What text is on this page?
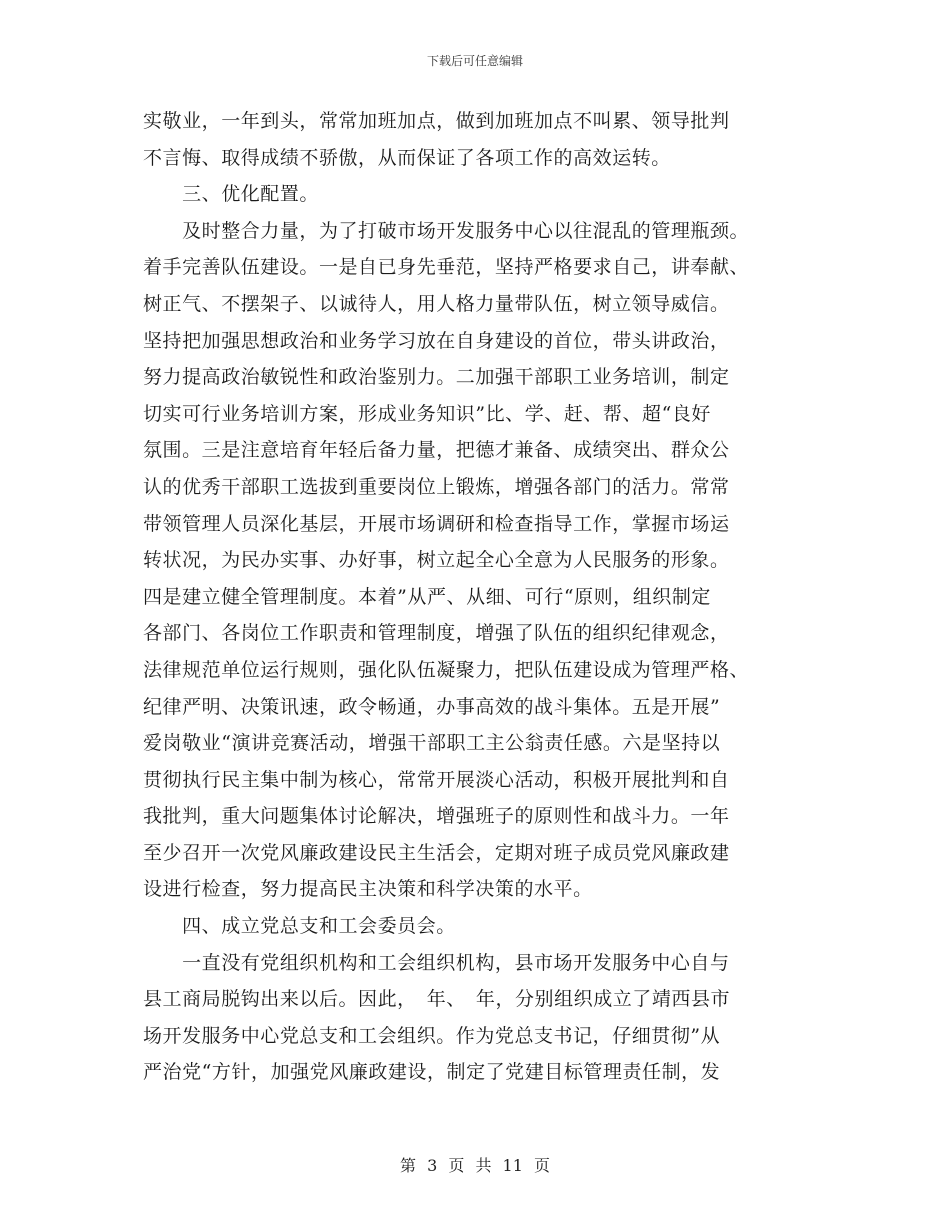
下载后可任意编辑
实敬业，一年到头，常常加班加点，做到加班加点不叫累、领导批判
不言悔、取得成绩不骄傲，从而保证了各项工作的高效运转。
　　三、优化配置。
　　及时整合力量，为了打破市场开发服务中心以往混乱的管理瓶颈。
着手完善队伍建设。一是自已身先垂范，坚持严格要求自己，讲奉献、
树正气、不摆架子、以诚待人，用人格力量带队伍，树立领导威信。
坚持把加强思想政治和业务学习放在自身建设的首位，带头讲政治，
努力提高政治敏锐性和政治鉴别力。二加强干部职工业务培训，制定
切实可行业务培训方案，形成业务知识”比、学、赶、帮、超“良好
氛围。三是注意培育年轻后备力量，把德才兼备、成绩突出、群众公
认的优秀干部职工选拔到重要岗位上锻炼，增强各部门的活力。常常
带领管理人员深化基层，开展市场调研和检查指导工作，掌握市场运
转状况，为民办实事、办好事，树立起全心全意为人民服务的形象。
四是建立健全管理制度。本着”从严、从细、可行“原则，组织制定
各部门、各岗位工作职责和管理制度，增强了队伍的组织纪律观念，
法律规范单位运行规则，强化队伍凝聚力，把队伍建设成为管理严格、
纪律严明、决策讯速，政令畅通，办事高效的战斗集体。五是开展”
爱岗敬业“演讲竞赛活动，增强干部职工主公翁责任感。六是坚持以
贯彻执行民主集中制为核心，常常开展淡心活动，积极开展批判和自
我批判，重大问题集体讨论解决，增强班子的原则性和战斗力。一年
至少召开一次党风廉政建设民主生活会，定期对班子成员党风廉政建
设进行检查，努力提高民主决策和科学决策的水平。
　　四、成立党总支和工会委员会。
　　一直没有党组织机构和工会组织机构，县市场开发服务中心自与
县工商局脱钩出来以后。因此，　年、　年，分别组织成立了靖西县市
场开发服务中心党总支和工会组织。作为党总支书记，仔细贯彻”从
严治党“方针，加强党风廉政建设，制定了党建目标管理责任制，发
第 3 页 共 11 页
